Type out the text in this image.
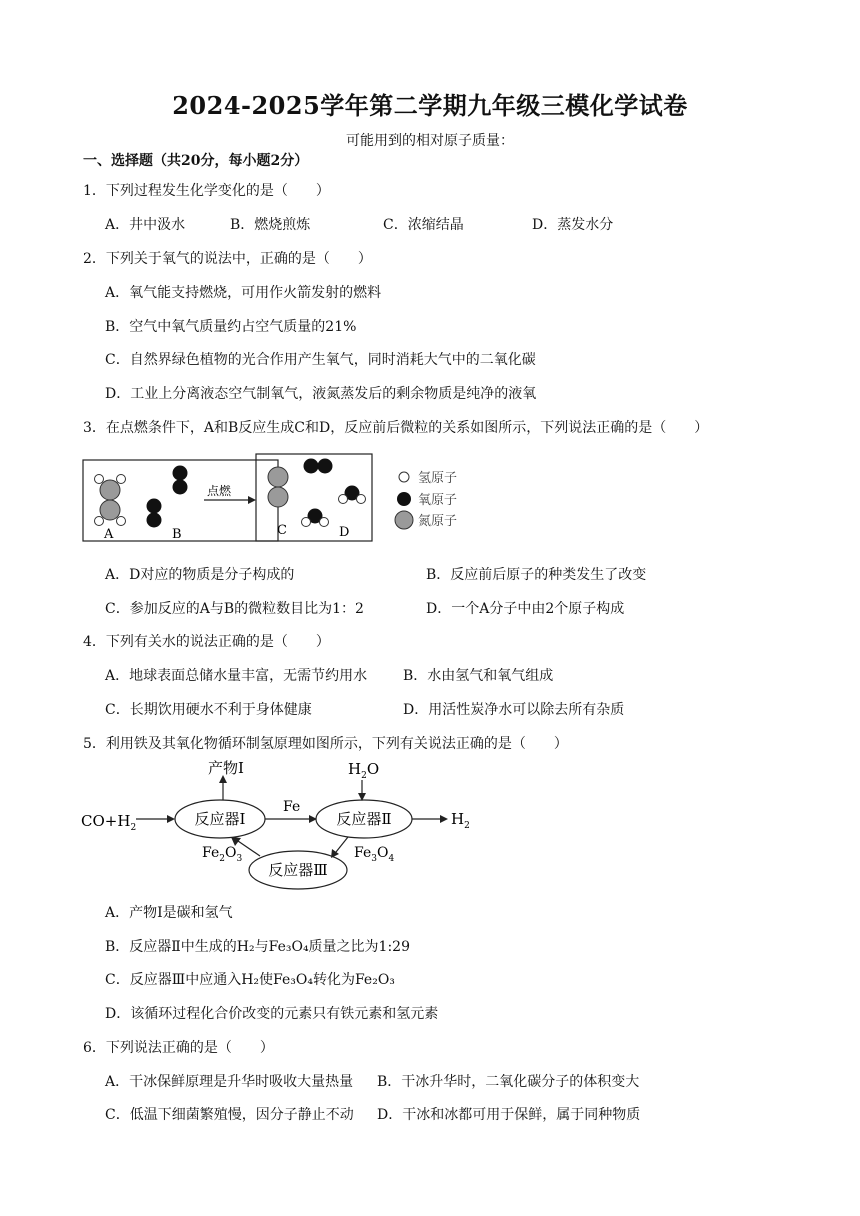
2024-2025学年第二学期九年级三模化学试卷
可能用到的相对原子质量：
一、选择题（共20分，每小题2分）
1．下列过程发生化学变化的是（　　）
A．井中汲水	B．燃烧煎炼	C．浓缩结晶	D．蒸发水分
2．下列关于氧气的说法中，正确的是（　　）
A．氧气能支持燃烧，可用作火箭发射的燃料
B．空气中氧气质量约占空气质量的21%
C．自然界绿色植物的光合作用产生氧气，同时消耗大气中的二氧化碳
D．工业上分离液态空气制氧气，液氮蒸发后的剩余物质是纯净的液氧
3．在点燃条件下，A和B反应生成C和D，反应前后微粒的关系如图所示，下列说法正确的是（　　）
A	B
点燃
C	D
氢原子
氧原子
氮原子
A．D对应的物质是分子构成的	B．反应前后原子的种类发生了改变
C．参加反应的A与B的微粒数目比为1：2	D．一个A分子中由2个原子构成
4．下列有关水的说法正确的是（　　）
A．地球表面总储水量丰富，无需节约用水	B．水由氢气和氧气组成
C．长期饮用硬水不利于身体健康	D．用活性炭净水可以除去所有杂质
5．利用铁及其氧化物循环制氢原理如图所示，下列有关说法正确的是（　　）
$CO+H_2$	反应器Ⅰ
产物Ⅰ
Fe
反应器Ⅱ
$H_2O$
$H_2$
反应器Ⅲ
$Fe_3O_4$
$Fe_2O_3$
A．产物Ⅰ是碳和氢气
B．反应器Ⅱ中生成的H₂与Fe₃O₄质量之比为1:29
C．反应器Ⅲ中应通入H₂使Fe₃O₄转化为Fe₂O₃
D．该循环过程化合价改变的元素只有铁元素和氢元素
6．下列说法正确的是（　　）
A．干冰保鲜原理是升华时吸收大量热量 B．干冰升华时，二氧化碳分子的体积变大
C．低温下细菌繁殖慢，因分子静止不动 D．干冰和冰都可用于保鲜，属于同种物质
